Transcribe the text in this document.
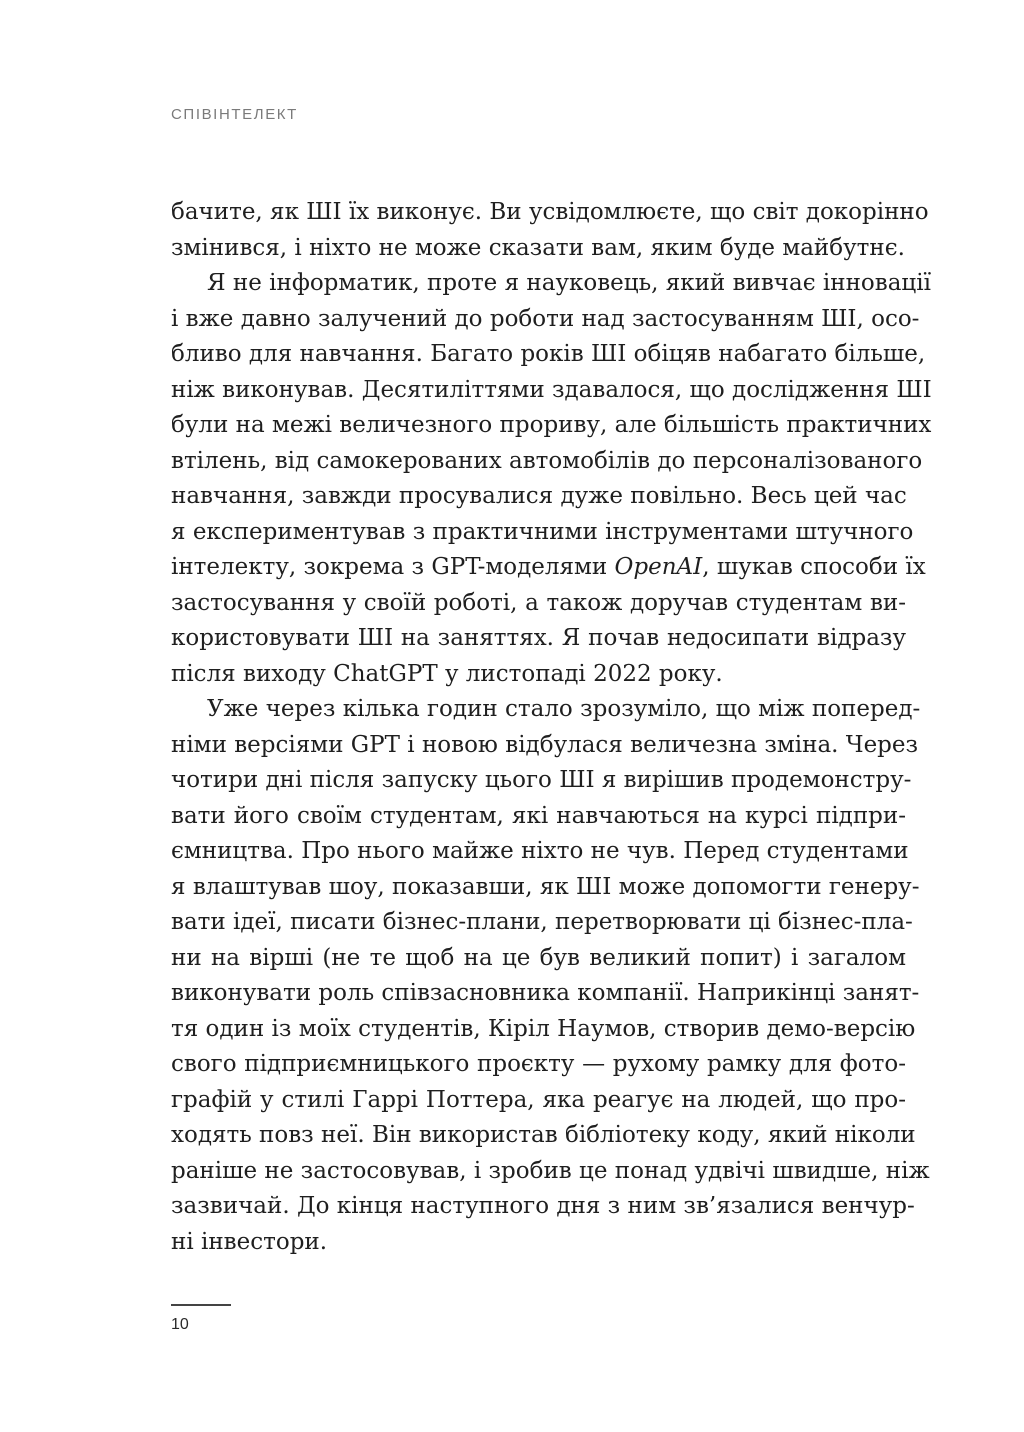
СПІВІНТЕЛЕКТ
бачите, як ШІ їх виконує. Ви усвідомлюєте, що світ докорінно
змінився, і ніхто не може сказати вам, яким буде майбутнє.
Я не інформатик, проте я науковець, який вивчає інновації
і вже давно залучений до роботи над застосуванням ШІ, осо-
бливо для навчання. Багато років ШІ обіцяв набагато більше,
ніж виконував. Десятиліттями здавалося, що дослідження ШІ
були на межі величезного прориву, але більшість практичних
втілень, від самокерованих автомобілів до персоналізованого
навчання, завжди просувалися дуже повільно. Весь цей час
я експериментував з практичними інструментами штучного
інтелекту, зокрема з GPT-моделями OpenAI, шукав способи їх
застосування у своїй роботі, а також доручав студентам ви-
користовувати ШІ на заняттях. Я почав недосипати відразу
після виходу ChatGPT у листопаді 2022 року.
Уже через кілька годин стало зрозуміло, що між поперед-
німи версіями GPT і новою відбулася величезна зміна. Через
чотири дні після запуску цього ШІ я вирішив продемонстру-
вати його своїм студентам, які навчаються на курсі підпри-
ємництва. Про нього майже ніхто не чув. Перед студентами
я влаштував шоу, показавши, як ШІ може допомогти генеру-
вати ідеї, писати бізнес-плани, перетворювати ці бізнес-пла-
ни на вірші (не те щоб на це був великий попит) і загалом
виконувати роль співзасновника компанії. Наприкінці занят-
тя один із моїх студентів, Кіріл Наумов, створив демо-версію
свого підприємницького проєкту — рухому рамку для фото-
графій у стилі Гаррі Поттера, яка реагує на людей, що про-
ходять повз неї. Він використав бібліотеку коду, який ніколи
раніше не застосовував, і зробив це понад удвічі швидше, ніж
зазвичай. До кінця наступного дня з ним зв’язалися венчур-
ні інвестори.
10
